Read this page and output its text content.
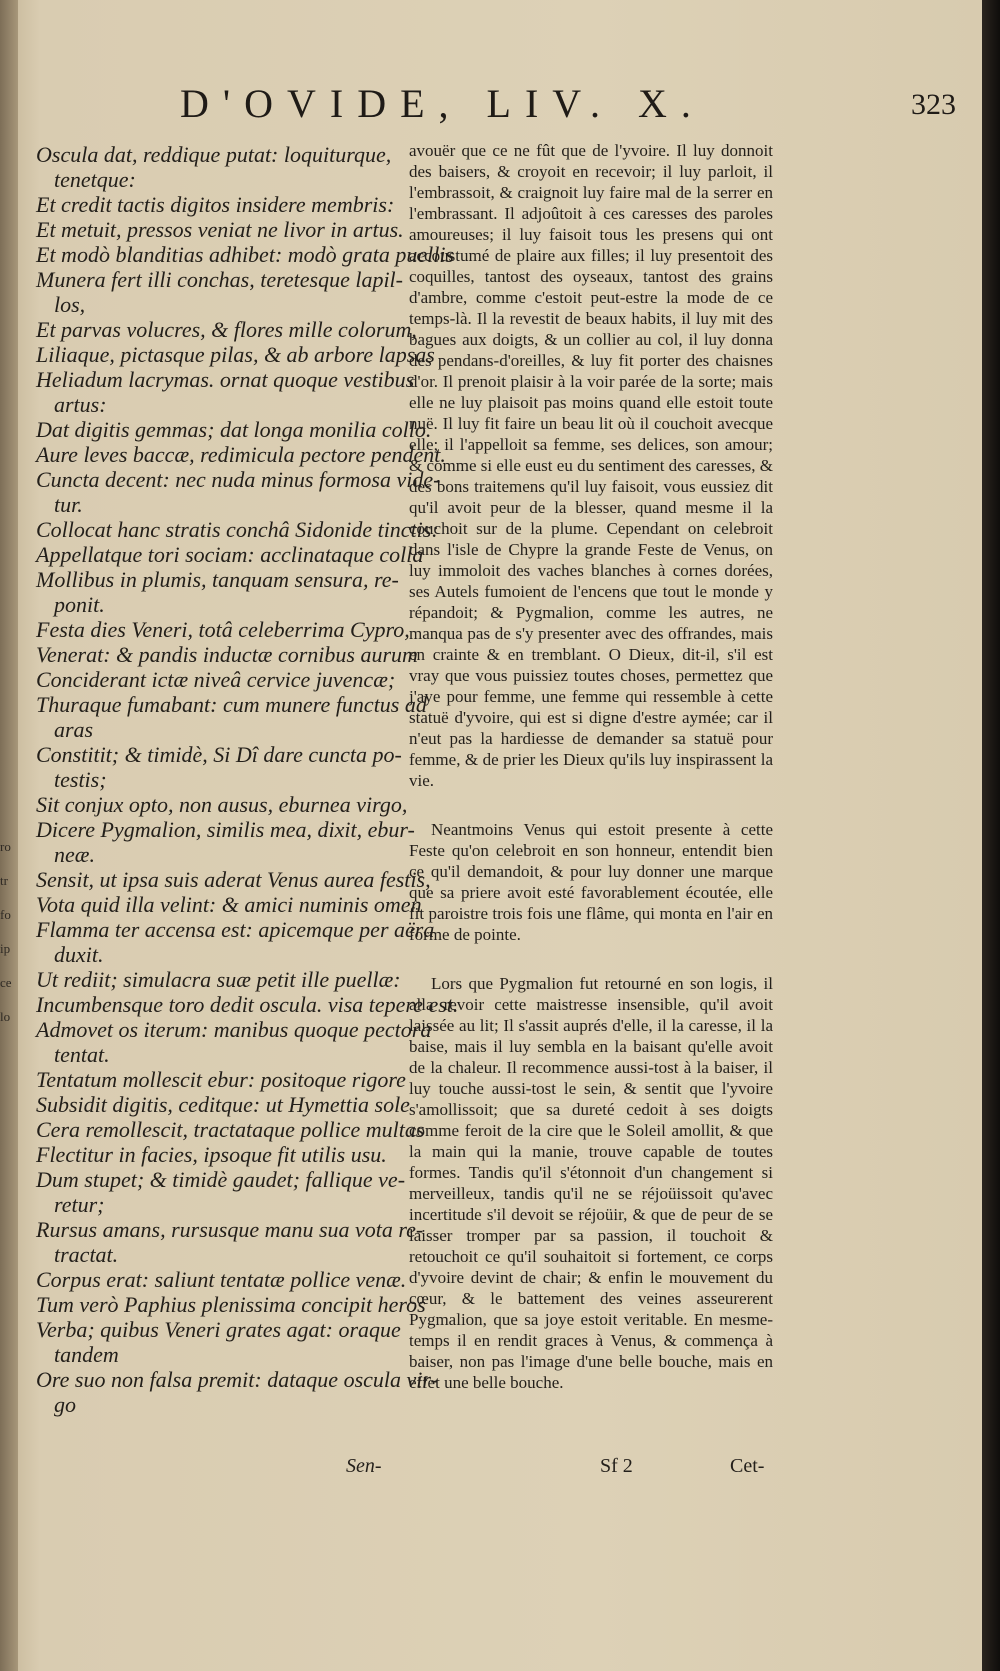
ro
tr
fo
ip
ce
lo
D'OVIDE, LIV. X.	323
Oscula dat, reddique putat: loquiturque,
tenetque:
Et credit tactis digitos insidere membris:
Et metuit, pressos veniat ne livor in artus.
Et modò blanditias adhibet: modò grata puellis
Munera fert illi conchas, teretesque lapil-
los,
Et parvas volucres, & flores mille colorum,
Liliaque, pictasque pilas, & ab arbore lapsas
Heliadum lacrymas. ornat quoque vestibus
artus:
Dat digitis gemmas; dat longa monilia collo.
Aure leves baccæ, redimicula pectore pendent.
Cuncta decent: nec nuda minus formosa vide-
tur.
Collocat hanc stratis conchâ Sidonide tinctis:
Appellatque tori sociam: acclinataque colla
Mollibus in plumis, tanquam sensura, re-
ponit.
Festa dies Veneri, totâ celeberrima Cypro,
Venerat: & pandis inductæ cornibus aurum
Conciderant ictæ niveâ cervice juvencæ;
Thuraque fumabant: cum munere functus ad
aras
Constitit; & timidè, Si Dî dare cuncta po-
testis;
Sit conjux opto, non ausus, eburnea virgo,
Dicere Pygmalion, similis mea, dixit, ebur-
neæ.
Sensit, ut ipsa suis aderat Venus aurea festis,
Vota quid illa velint: & amici numinis omen
Flamma ter accensa est: apicemque per aëra
duxit.
Ut rediit; simulacra suæ petit ille puellæ:
Incumbensque toro dedit oscula. visa tepere est.
Admovet os iterum: manibus quoque pectora
tentat.
Tentatum mollescit ebur: positoque rigore
Subsidit digitis, ceditque: ut Hymettia sole
Cera remollescit, tractataque pollice multas
Flectitur in facies, ipsoque fit utilis usu.
Dum stupet; & timidè gaudet; fallique ve-
retur;
Rursus amans, rursusque manu sua vota re-
tractat.
Corpus erat: saliunt tentatæ pollice venæ.
Tum verò Paphius plenissima concipit heros
Verba; quibus Veneri grates agat: oraque
tandem
Ore suo non falsa premit: dataque oscula vir-
go

avouër que ce ne fût que de l'yvoire. Il luy donnoit des baisers, & croyoit en recevoir; il luy parloit, il l'embrassoit, & craignoit luy faire mal de la serrer en l'embrassant. Il adjoûtoit à ces caresses des paroles amoureuses; il luy faisoit tous les presens qui ont accoustumé de plaire aux filles; il luy presentoit des coquilles, tantost des oyseaux, tantost des grains d'ambre, comme c'estoit peut-estre la mode de ce temps-là. Il la revestit de beaux habits, il luy mit des bagues aux doigts, & un collier au col, il luy donna des pendans-d'oreilles, & luy fit porter des chaisnes d'or. Il prenoit plaisir à la voir parée de la sorte; mais elle ne luy plaisoit pas moins quand elle estoit toute nuë. Il luy fit faire un beau lit où il couchoit avecque elle; il l'appelloit sa femme, ses delices, son amour; & comme si elle eust eu du sentiment des caresses, & des bons traitemens qu'il luy faisoit, vous eussiez dit qu'il avoit peur de la blesser, quand mesme il la couchoit sur de la plume. Cependant on celebroit dans l'isle de Chypre la grande Feste de Venus, on luy immoloit des vaches blanches à cornes dorées, ses Autels fumoient de l'encens que tout le monde y répandoit; & Pygmalion, comme les autres, ne manqua pas de s'y presenter avec des offrandes, mais en crainte & en tremblant. O Dieux, dit-il, s'il est vray que vous puissiez toutes choses, permettez que j'aye pour femme, une femme qui ressemble à cette statuë d'yvoire, qui est si digne d'estre aymée; car il n'eut pas la hardiesse de demander sa statuë pour femme, & de prier les Dieux qu'ils luy inspirassent la vie.

Neantmoins Venus qui estoit presente à cette Feste qu'on celebroit en son honneur, entendit bien ce qu'il demandoit, & pour luy donner une marque que sa priere avoit esté favorablement écoutée, elle fit paroistre trois fois une flâme, qui monta en l'air en forme de pointe.

Lors que Pygmalion fut retourné en son logis, il alla revoir cette maistresse insensible, qu'il avoit laissée au lit; Il s'assit auprés d'elle, il la caresse, il la baise, mais il luy sembla en la baisant qu'elle avoit de la chaleur. Il recommence aussi-tost à la baiser, il luy touche aussi-tost le sein, & sentit que l'yvoire s'amollissoit; que sa dureté cedoit à ses doigts comme feroit de la cire que le Soleil amollit, & que la main qui la manie, trouve capable de toutes formes. Tandis qu'il s'étonnoit d'un changement si merveilleux, tandis qu'il ne se réjoüissoit qu'avec incertitude s'il devoit se réjoüir, & que de peur de se laisser tromper par sa passion, il touchoit & retouchoit ce qu'il souhaitoit si fortement, ce corps d'yvoire devint de chair; & enfin le mouvement du cœur, & le battement des veines asseurerent Pygmalion, que sa joye estoit veritable. En mesme-temps il en rendit graces à Venus, & commença à baiser, non pas l'image d'une belle bouche, mais en effet une belle bouche.

Sen-	Sf 2	Cet-
